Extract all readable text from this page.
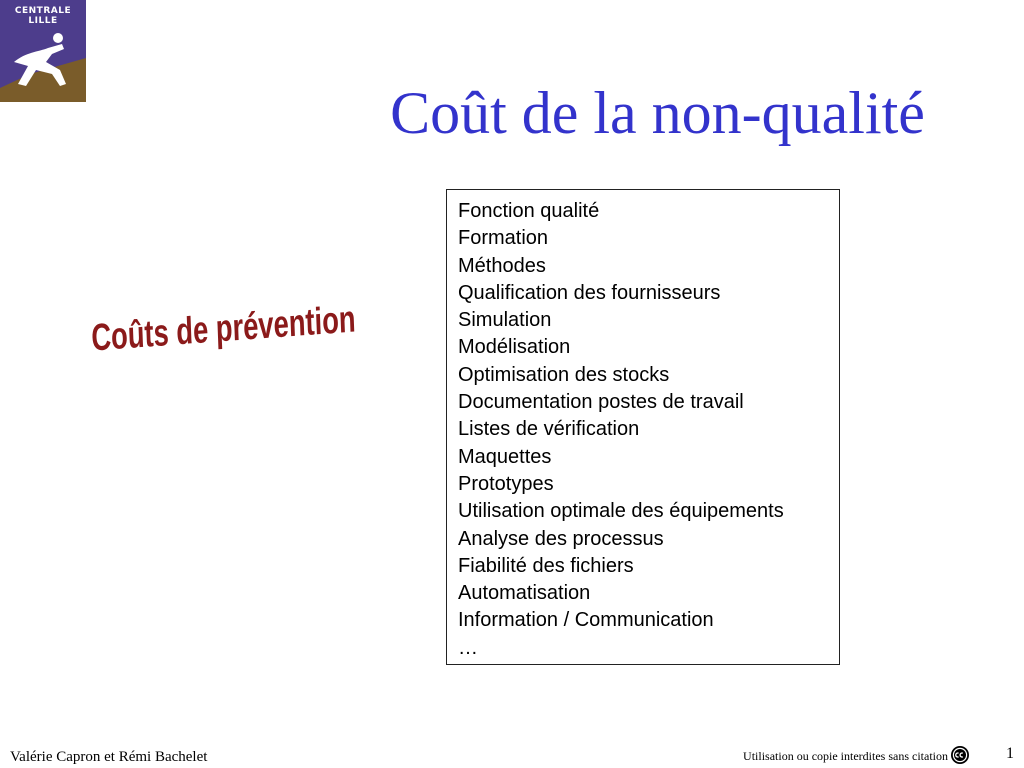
CENTRALE
LILLE
Coût de la non-qualité
Coûts de prévention
Fonction qualité
Formation
Méthodes
Qualification des fournisseurs
Simulation
Modélisation
Optimisation des stocks
Documentation postes de travail
Listes de vérification
Maquettes
Prototypes
Utilisation optimale des équipements
Analyse des processus
Fiabilité des fichiers
Automatisation
Information / Communication
…
Valérie Capron et Rémi Bachelet	Utilisation ou copie interdites sans citation	1
